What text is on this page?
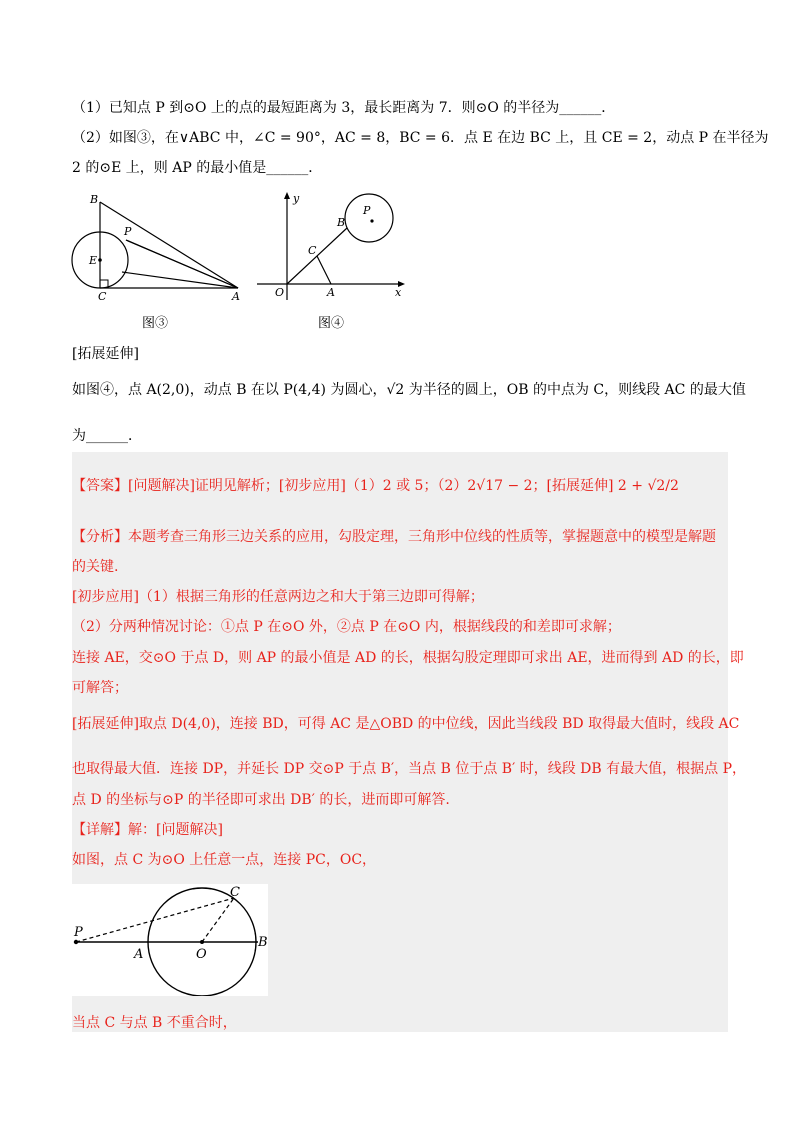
（1）已知点 P 到⊙O 上的点的最短距离为 3，最长距离为 7．则⊙O 的半径为______．
（2）如图③，在∨ABC 中，∠C = 90°，AC = 8，BC = 6．点 E 在边 BC 上，且 CE = 2，动点 P 在半径为
2 的⊙E 上，则 AP 的最小值是______．
B
P
E
C	A
图③
y
P
B
C
O	A	x
图④
[拓展延伸]
如图④，点 A(2,0)，动点 B 在以 P(4,4) 为圆心，√2 为半径的圆上，OB 的中点为 C，则线段 AC 的最大值
为______．
【答案】[问题解决]证明见解析；[初步应用]（1）2 或 5；（2）2√17 − 2；[拓展延伸] 2 + √2/2
【分析】本题考查三角形三边关系的应用，勾股定理，三角形中位线的性质等，掌握题意中的模型是解题
的关键.
[初步应用]（1）根据三角形的任意两边之和大于第三边即可得解；
（2）分两种情况讨论：①点 P 在⊙O 外，②点 P 在⊙O 内，根据线段的和差即可求解；
连接 AE，交⊙O 于点 D，则 AP 的最小值是 AD 的长，根据勾股定理即可求出 AE，进而得到 AD 的长，即
可解答；
[拓展延伸]取点 D(4,0)，连接 BD，可得 AC 是△OBD 的中位线，因此当线段 BD 取得最大值时，线段 AC
也取得最大值．连接 DP，并延长 DP 交⊙P 于点 B′，当点 B 位于点 B′ 时，线段 DB 有最大值，根据点 P，
点 D 的坐标与⊙P 的半径即可求出 DB′ 的长，进而即可解答.
【详解】解：[问题解决]
如图，点 C 为⊙O 上任意一点，连接 PC，OC，
C
P
A	O
B
当点 C 与点 B 不重合时，
